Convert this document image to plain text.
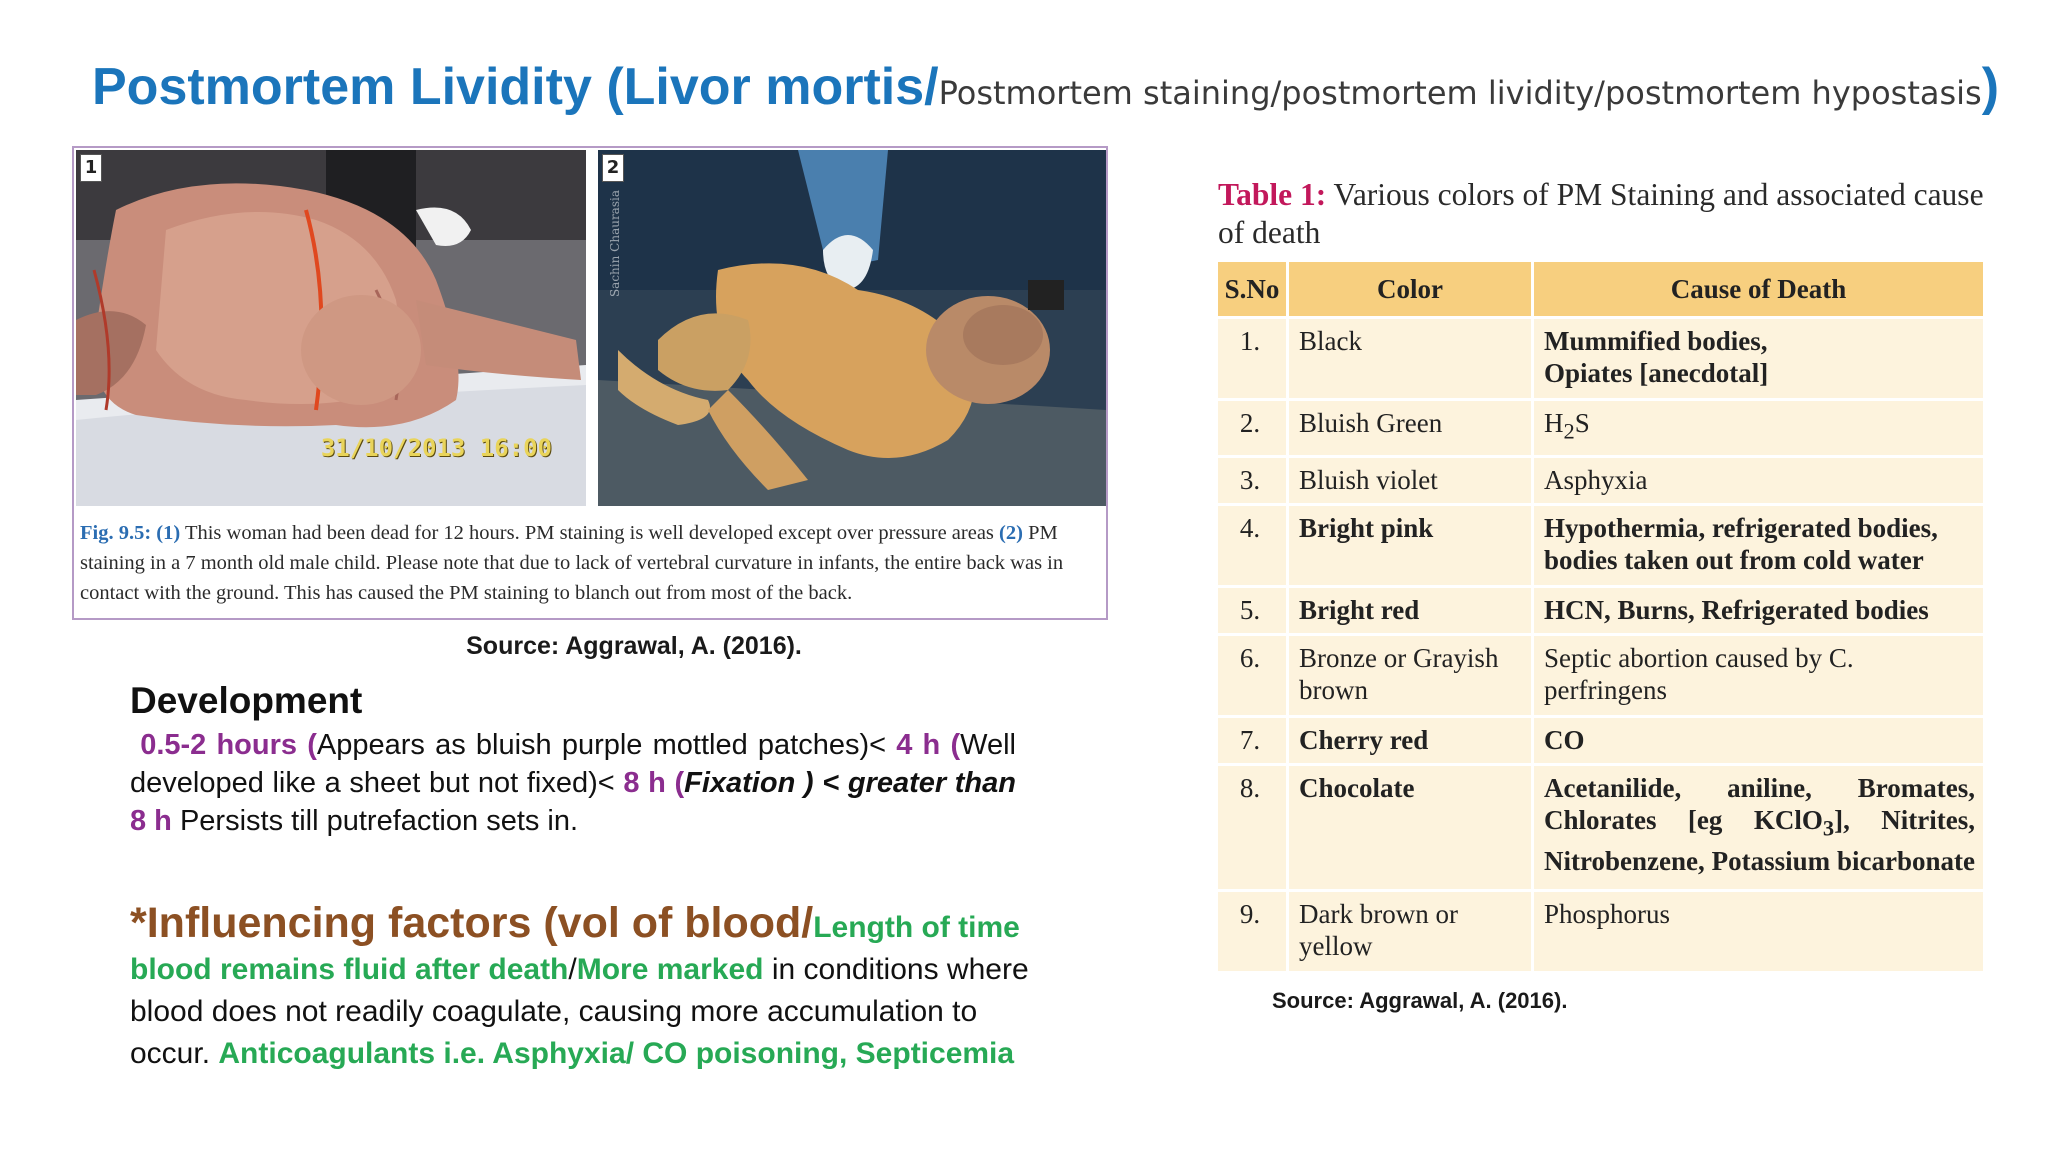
Postmortem Lividity (Livor mortis/Postmortem staining/postmortem lividity/postmortem hypostasis)
1
31/10/2013 16:00
2
Sachin Chaurasia
Fig. 9.5: (1) This woman had been dead for 12 hours. PM staining is well developed except over pressure areas (2) PM staining in a 7 month old male child. Please note that due to lack of vertebral curvature in infants, the entire back was in contact with the ground. This has caused the PM staining to blanch out from most of the back.
Source: Aggrawal, A. (2016).
Development
0.5-2 hours (Appears as bluish purple mottled patches)< 4 h (Well developed like a sheet but not fixed)< 8 h (Fixation ) < greater than 8 h Persists till putrefaction sets in.
*Influencing factors (vol of blood/Length of time blood remains fluid after death/More marked in conditions where blood does not readily coagulate, causing more accumulation to occur. Anticoagulants i.e. Asphyxia/ CO poisoning, Septicemia
Table 1: Various colors of PM Staining and associated cause of death
S.No	Color	Cause of Death
1.	Black	Mummified bodies,
Opiates [anecdotal]
2.	Bluish Green	$H_2S$
3.	Bluish violet	Asphyxia
4.	Bright pink	Hypothermia, refrigerated bodies, bodies taken out from cold water
5.	Bright red	HCN, Burns, Refrigerated bodies
6.	Bronze or Grayish brown	Septic abortion caused by C. perfringens
7.	Cherry red	CO
8.	Chocolate	Acetanilide, aniline, Bromates, Chlorates [eg KClO$_3$], Nitrites, Nitrobenzene, Potassium bicarbonate

9.	Dark brown or yellow	Phosphorus
Source: Aggrawal, A. (2016).
